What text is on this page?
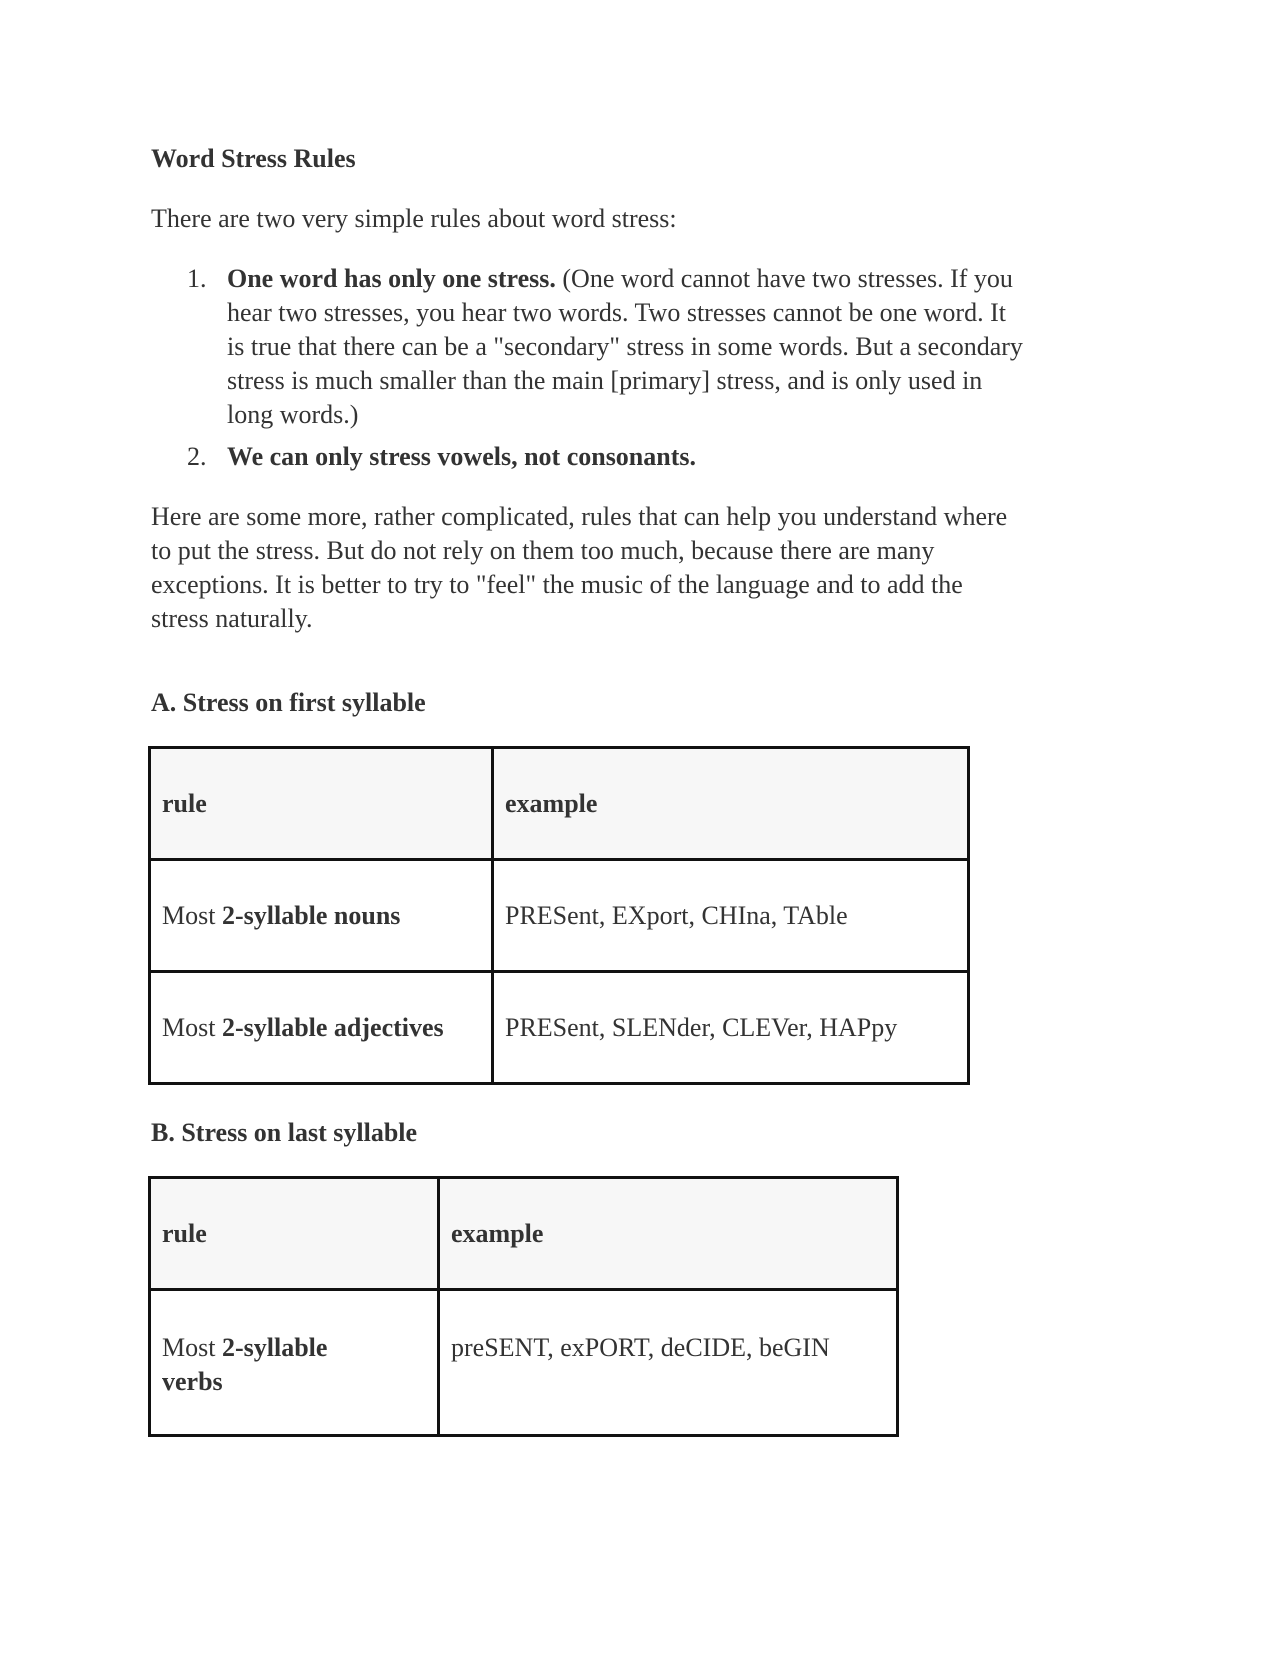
Word Stress Rules

There are two very simple rules about word stress:

1. One word has only one stress. (One word cannot have two stresses. If you
hear two stresses, you hear two words. Two stresses cannot be one word. It
is true that there can be a "secondary" stress in some words. But a secondary
stress is much smaller than the main [primary] stress, and is only used in
long words.)
2. We can only stress vowels, not consonants.
Here are some more, rather complicated, rules that can help you understand where
to put the stress. But do not rely on them too much, because there are many
exceptions. It is better to try to "feel" the music of the language and to add the
stress naturally.

A. Stress on first syllable

rule	example
Most 2-syllable nouns	PRESent, EXport, CHIna, TAble
Most 2-syllable adjectives	PRESent, SLENder, CLEVer, HAPpy

B. Stress on last syllable

rule	example

Most 2-syllable
verbs	preSENT, exPORT, deCIDE, beGIN
